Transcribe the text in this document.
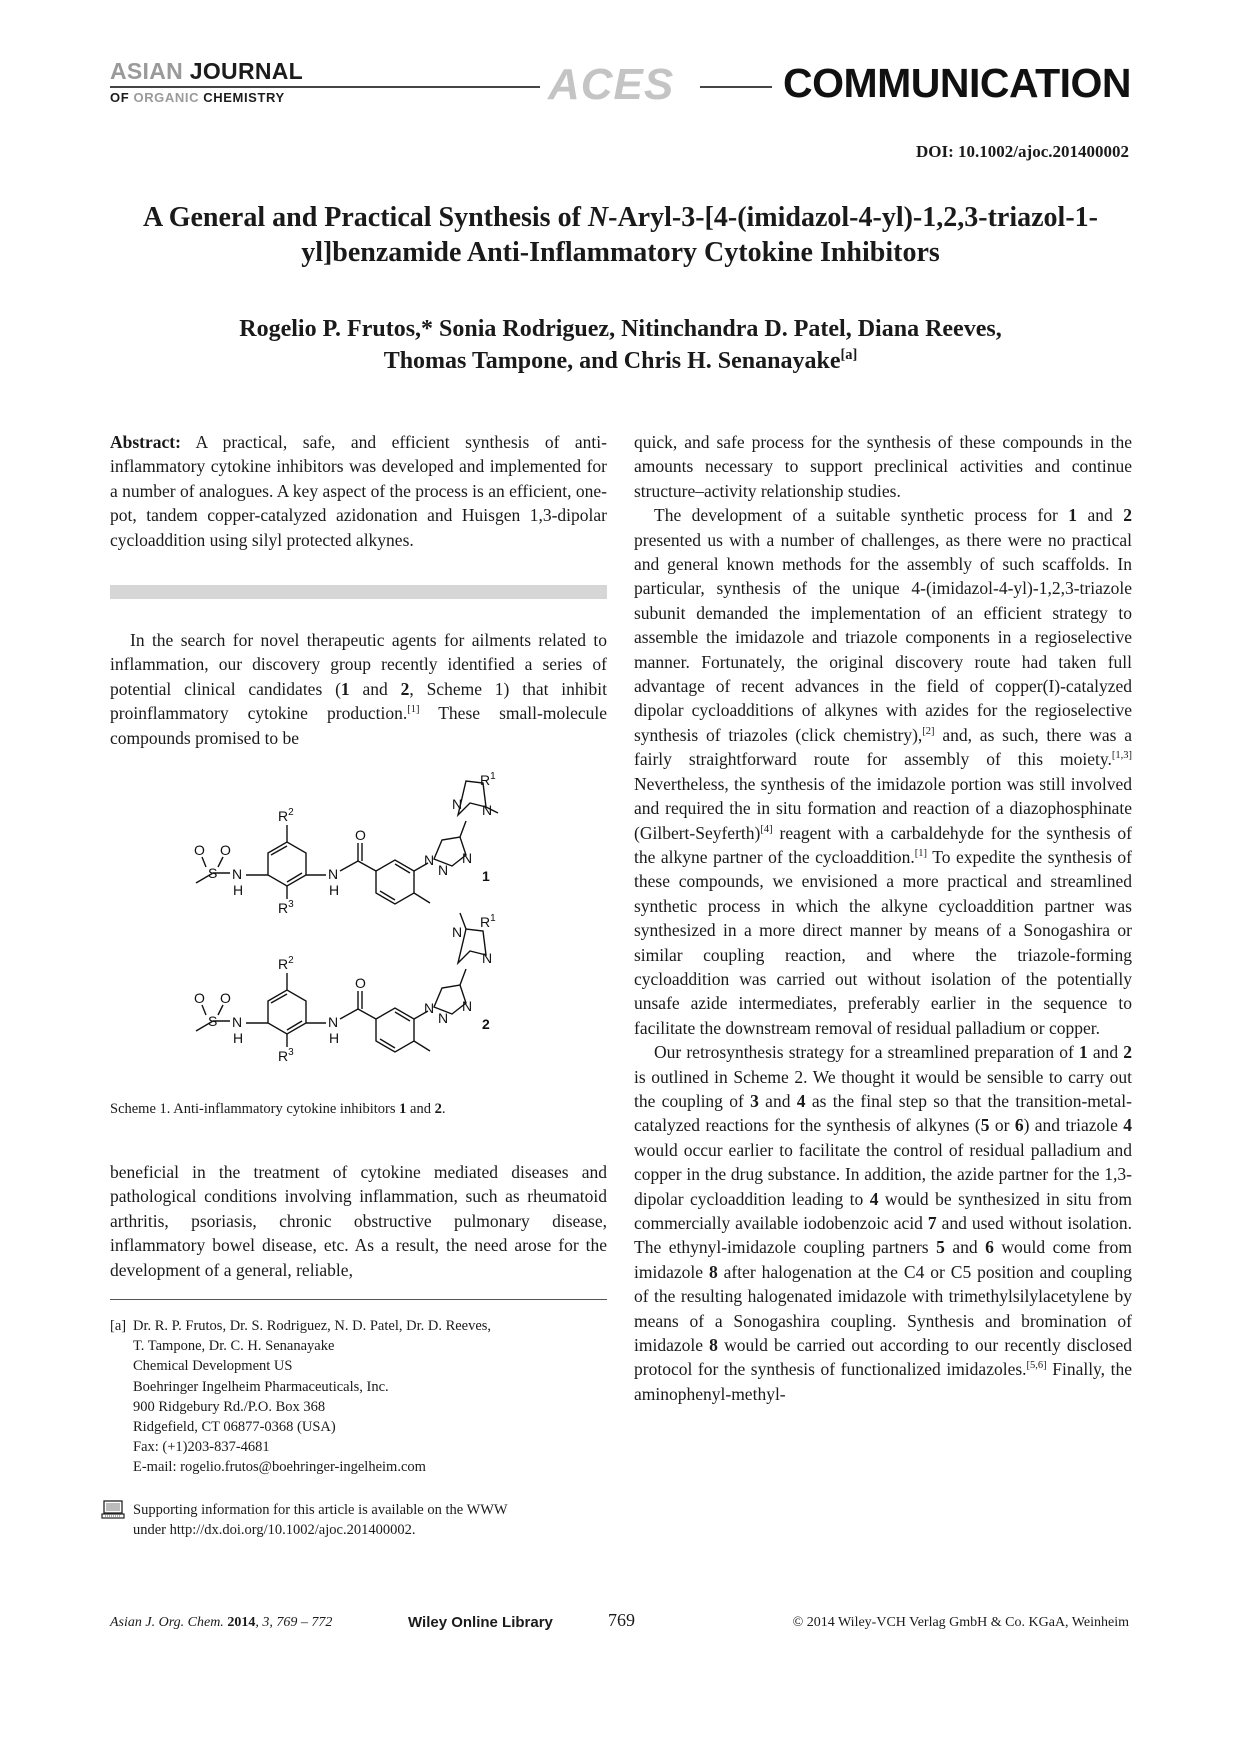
ASIAN JOURNAL
OF ORGANIC CHEMISTRY	ACES	COMMUNICATION
DOI: 10.1002/ajoc.201400002
A General and Practical Synthesis of N-Aryl-3-[4-(imidazol-4-yl)-1,2,3-triazol-1-yl]benzamide Anti-Inflammatory Cytokine Inhibitors
Rogelio P. Frutos,* Sonia Rodriguez, Nitinchandra D. Patel, Diana Reeves,
Thomas Tampone, and Chris H. Senanayake[a]

Abstract: A practical, safe, and efficient synthesis of anti-inflammatory cytokine inhibitors was developed and implemented for a number of analogues. A key aspect of the process is an efficient, one-pot, tandem copper-catalyzed azidonation and Huisgen 1,3-dipolar cycloaddition using silyl protected alkynes.

In the search for novel therapeutic agents for ailments related to inflammation, our discovery group recently identified a series of potential clinical candidates (1 and 2, Scheme 1) that inhibit proinflammatory cytokine production.[1] These small-molecule compounds promised to be

$R^2$
N
H
S
O O
$R^3$
N
H
O
N
N
N
N
$R^1$
N
1
$R^2$
N
H
S
O O
$R^3$
N
H
O
N
N
N
N
N
$R^1$
2
Scheme 1. Anti-inflammatory cytokine inhibitors 1 and 2.

beneficial in the treatment of cytokine mediated diseases and pathological conditions involving inflammation, such as rheumatoid arthritis, psoriasis, chronic obstructive pulmonary disease, inflammatory bowel disease, etc. As a result, the need arose for the development of a general, reliable,

[a] Dr. R. P. Frutos, Dr. S. Rodriguez, N. D. Patel, Dr. D. Reeves,
T. Tampone, Dr. C. H. Senanayake
Chemical Development US
Boehringer Ingelheim Pharmaceuticals, Inc.
900 Ridgebury Rd./P.O. Box 368
Ridgefield, CT 06877-0368 (USA)
Fax: (+1)203-837-4681
E-mail: rogelio.frutos@boehringer-ingelheim.com
Supporting information for this article is available on the WWW
under http://dx.doi.org/10.1002/ajoc.201400002.

quick, and safe process for the synthesis of these compounds in the amounts necessary to support preclinical activities and continue structure–activity relationship studies.

The development of a suitable synthetic process for 1 and 2 presented us with a number of challenges, as there were no practical and general known methods for the assembly of such scaffolds. In particular, synthesis of the unique 4-(imidazol-4-yl)-1,2,3-triazole subunit demanded the implementation of an efficient strategy to assemble the imidazole and triazole components in a regioselective manner. Fortunately, the original discovery route had taken full advantage of recent advances in the field of copper(I)-catalyzed dipolar cycloadditions of alkynes with azides for the regioselective synthesis of triazoles (click chemistry),[2] and, as such, there was a fairly straightforward route for assembly of this moiety.[1,3] Nevertheless, the synthesis of the imidazole portion was still involved and required the in situ formation and reaction of a diazophosphinate (Gilbert-Seyferth)[4] reagent with a carbaldehyde for the synthesis of the alkyne partner of the cycloaddition.[1] To expedite the synthesis of these compounds, we envisioned a more practical and streamlined synthetic process in which the alkyne cycloaddition partner was synthesized in a more direct manner by means of a Sonogashira or similar coupling reaction, and where the triazole-forming cycloaddition was carried out without isolation of the potentially unsafe azide intermediates, preferably earlier in the sequence to facilitate the downstream removal of residual palladium or copper.

Our retrosynthesis strategy for a streamlined preparation of 1 and 2 is outlined in Scheme 2. We thought it would be sensible to carry out the coupling of 3 and 4 as the final step so that the transition-metal-catalyzed reactions for the synthesis of alkynes (5 or 6) and triazole 4 would occur earlier to facilitate the control of residual palladium and copper in the drug substance. In addition, the azide partner for the 1,3-dipolar cycloaddition leading to 4 would be synthesized in situ from commercially available iodobenzoic acid 7 and used without isolation. The ethynyl-imidazole coupling partners 5 and 6 would come from imidazole 8 after halogenation at the C4 or C5 position and coupling of the resulting halogenated imidazole with trimethylsilylacetylene by means of a Sonogashira coupling. Synthesis and bromination of imidazole 8 would be carried out according to our recently disclosed protocol for the synthesis of functionalized imidazoles.[5,6] Finally, the aminophenyl-methyl-

Asian J. Org. Chem. 2014, 3, 769 – 772	Wiley Online Library	769	© 2014 Wiley-VCH Verlag GmbH & Co. KGaA, Weinheim
